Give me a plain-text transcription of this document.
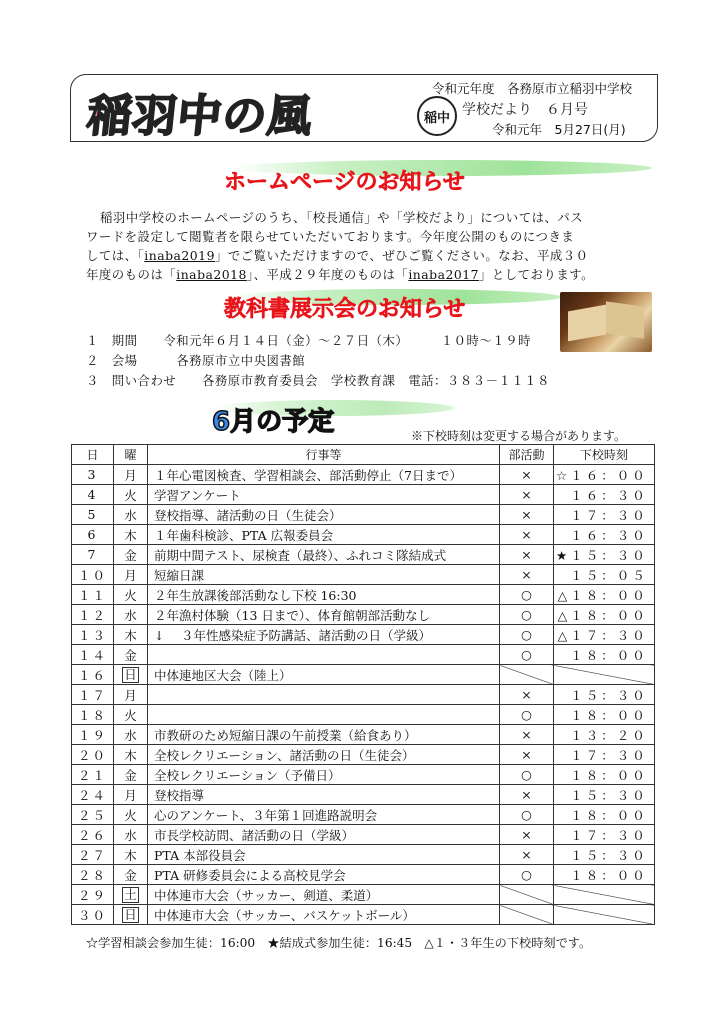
稲羽中の風	稲中
令和元年度　各務原市立稲羽中学校
学校だより　６月号
令和元年　5月27日(月)
ホームページのお知らせ
稲羽中学校のホームページのうち、「校長通信」や「学校だより」については、パス
ワードを設定して閲覧者を限らせていただいております。今年度公開のものにつきま
しては、「inaba2019」でご覧いただけますので、ぜひご覧ください。なお、平成３０
年度のものは「inaba2018」、平成２９年度のものは「inaba2017」としております。
教科書展示会のお知らせ
１　 期間　　 令和元年６月１４日（金）～２７日（木）　　　	１０時～１９時
２　 会場　　　	各務原市立中央図書館
３　 問い合わせ　　 各務原市教育委員会　学校教育課　電話：３８３－１１１８
6月の予定	※下校時刻は変更する場合があります。
日	曜	行事等	部活動	下校時刻
3	月	１年心電図検査、学習相談会、部活動停止（7日まで）	×	☆１６：００
4	火	学習アンケート	×	１６：３０
5	水	登校指導、諸活動の日（生徒会）	×	１７：３０
6	木	１年歯科検診、PTA 広報委員会	×	１６：３０
7	金	前期中間テスト、尿検査（最終）、ふれコミ隊結成式	×	★１５：３０
１０	月	短縮日課	×	１５：０５
１１	火	２年生放課後部活動なし下校 16:30	○	△１８：００
１２	水	２年漁村体験（13 日まで）、体育館朝部活動なし	○	△１８：００
１３	木	↓　 ３年性感染症予防講話、諸活動の日（学級）	○	△１７：３０
１４	金		○	１８：００
１６	日	中体連地区大会（陸上）		
１７	月		×	１５：３０
１８	火		○	１８：００
１９	水	市教研のため短縮日課の午前授業（給食あり）	×	１３：２０
２０	木	全校レクリエーション、諸活動の日（生徒会）	×	１７：３０
２１	金	全校レクリエーション（予備日）	○	１８：００
２４	月	登校指導	×	１５：３０
２５	火	心のアンケート、３年第１回進路説明会	○	１８：００
２６	水	市長学校訪問、諸活動の日（学級）	×	１７：３０
２７	木	PTA 本部役員会	×	１５：３０
２８	金	PTA 研修委員会による高校見学会	○	１８：００
２９	土	中体連市大会（サッカー、剣道、柔道）		
３０	日	中体連市大会（サッカー、バスケットボール）		
☆学習相談会参加生徒：16:00　★結成式参加生徒：16:45　△１・３年生の下校時刻です。
